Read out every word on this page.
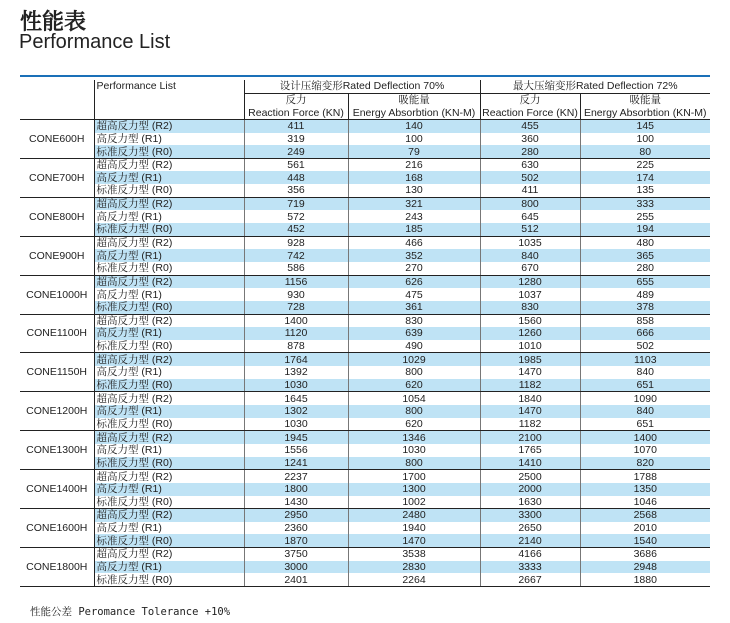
性能表
Performance List

	Performance List	设计压缩变形Rated Deflection 70%		最大压缩变形Rated Deflection 72%	
		反力	吸能量	反力	吸能量
		Reaction Force (KN)	Energy Absorbtion (KN-M)	Reaction Force (KN)	Energy Absorbtion (KN-M)
CONE600H	超高反力型 (R2)	411	140	455	145
	高反力型 (R1)	319	100	360	100
	标准反力型 (R0)	249	79	280	80
CONE700H	超高反力型 (R2)	561	216	630	225
	高反力型 (R1)	448	168	502	174
	标准反力型 (R0)	356	130	411	135
CONE800H	超高反力型 (R2)	719	321	800	333
	高反力型 (R1)	572	243	645	255
	标准反力型 (R0)	452	185	512	194
CONE900H	超高反力型 (R2)	928	466	1035	480
	高反力型 (R1)	742	352	840	365
	标准反力型 (R0)	586	270	670	280
CONE1000H	超高反力型 (R2)	1156	626	1280	655
	高反力型 (R1)	930	475	1037	489
	标准反力型 (R0)	728	361	830	378
CONE1100H	超高反力型 (R2)	1400	830	1560	858
	高反力型 (R1)	1120	639	1260	666
	标准反力型 (R0)	878	490	1010	502
CONE1150H	超高反力型 (R2)	1764	1029	1985	1103
	高反力型 (R1)	1392	800	1470	840
	标准反力型 (R0)	1030	620	1182	651
CONE1200H	超高反力型 (R2)	1645	1054	1840	1090
	高反力型 (R1)	1302	800	1470	840
	标准反力型 (R0)	1030	620	1182	651
CONE1300H	超高反力型 (R2)	1945	1346	2100	1400
	高反力型 (R1)	1556	1030	1765	1070
	标准反力型 (R0)	1241	800	1410	820
CONE1400H	超高反力型 (R2)	2237	1700	2500	1788
	高反力型 (R1)	1800	1300	2000	1350
	标准反力型 (R0)	1430	1002	1630	1046
CONE1600H	超高反力型 (R2)	2950	2480	3300	2568
	高反力型 (R1)	2360	1940	2650	2010
	标准反力型 (R0)	1870	1470	2140	1540
CONE1800H	超高反力型 (R2)	3750	3538	4166	3686
	高反力型 (R1)	3000	2830	3333	2948
	标准反力型 (R0)	2401	2264	2667	1880
性能公差 Peromance Tolerance +10%
